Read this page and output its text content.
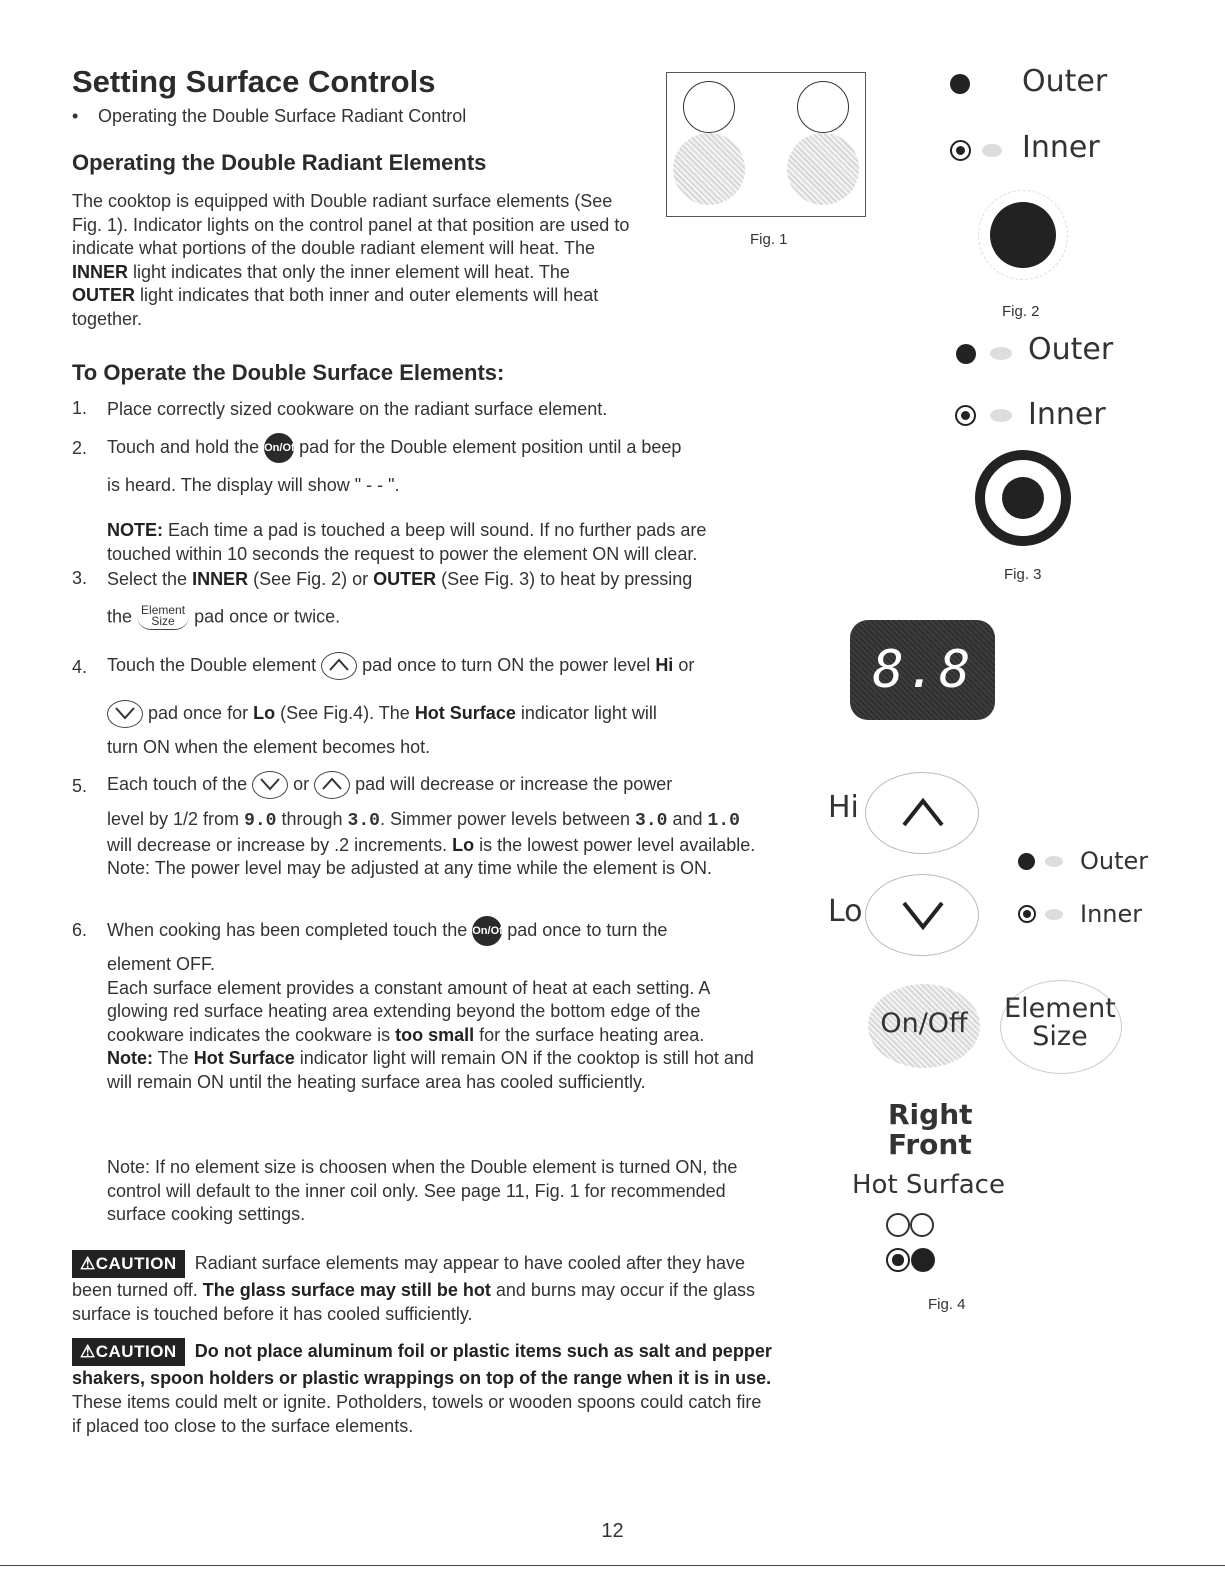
Setting Surface Controls
• Operating the Double Surface Radiant Control
Operating the Double Radiant Elements
The cooktop is equipped with Double radiant surface elements (See Fig. 1). Indicator lights on the control panel at that position are used to indicate what portions of the double radiant element will heat. The INNER light indicates that only the inner element will heat. The OUTER light indicates that both inner and outer elements will heat together.
To Operate the Double Surface Elements:
1. Place correctly sized cookware on the radiant surface element.
2. Touch and hold the On/Off pad for the Double element position until a beep
is heard. The display will show " - - ".
NOTE: Each time a pad is touched a beep will sound. If no further pads are touched within 10 seconds the request to power the element ON will clear.
3. Select the INNER (See Fig. 2) or OUTER (See Fig. 3) to heat by pressing
the Element
Size pad once or twice.
4. Touch the Double element
pad once to turn ON the power level Hi or
pad once for Lo (See Fig.4). The Hot Surface indicator light will
turn ON when the element becomes hot.
5. Each touch of the
or
pad will decrease or increase the power
level by 1/2 from 9.0 through 3.0. Simmer power levels between 3.0 and 1.0
will decrease or increase by .2 increments. Lo is the lowest power level available. Note: The power level may be adjusted at any time while the element is ON.
6. When cooking has been completed touch the On/Off pad once to turn the
element OFF.
Each surface element provides a constant amount of heat at each setting. A glowing red surface heating area extending beyond the bottom edge of the cookware indicates the cookware is too small for the surface heating area.
Note: The Hot Surface indicator light will remain ON if the cooktop is still hot and will remain ON until the heating surface area has cooled sufficiently.
Note: If no element size is choosen when the Double element is turned ON, the control will default to the inner coil only. See page 11, Fig. 1 for recommended surface cooking settings.
⚠CAUTION Radiant surface elements may appear to have cooled after they have been turned off. The glass surface may still be hot and burns may occur if the glass surface is touched before it has cooled sufficiently.
⚠CAUTION Do not place aluminum foil or plastic items such as salt and pepper shakers, spoon holders or plastic wrappings on top of the range when it is in use. These items could melt or ignite. Potholders, towels or wooden spoons could catch fire if placed too close to the surface elements.
Fig. 1
Outer
Inner
Fig. 2
Outer
Inner
Fig. 3
8.8
Hi
Lo
Outer
Inner
On/Off Element
Size
Right
Front
Hot Surface
Fig. 4
12
